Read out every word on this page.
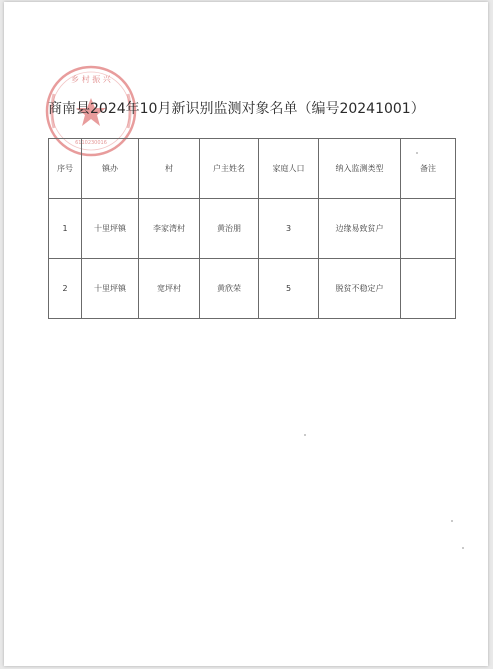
乡 村 振 兴
6110230016
商南县2024年10月新识别监测对象名单（编号20241001）
序号	镇办	村	户主姓名	家庭人口	纳入监测类型	备注
1	十里坪镇	李家湾村	黄治朋	3	边缘易致贫户	
2	十里坪镇	宽坪村	黄欣荣	5	脱贫不稳定户	
